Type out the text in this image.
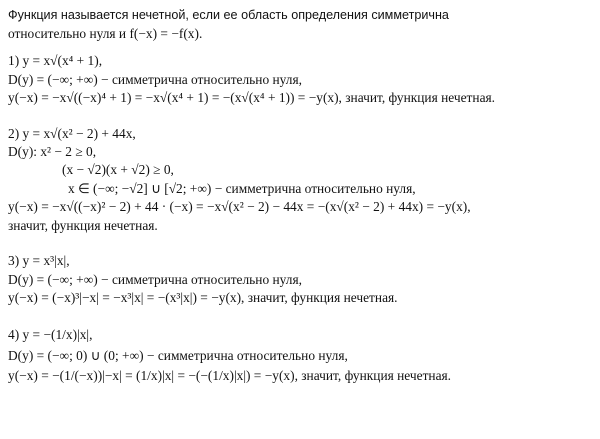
Функция называется нечетной, если ее область определения симметрична

относительно нуля и f(−x) = −f(x).

1) y = x√(x⁴ + 1),
D(y) = (−∞; +∞) − симметрична относительно нуля,
y(−x) = −x√((−x)⁴ + 1) = −x√(x⁴ + 1) = −(x√(x⁴ + 1)) = −y(x), значит, функция нечетная.
2) y = x√(x² − 2) + 44x,
D(y): x² − 2 ≥ 0,
(x − √2)(x + √2) ≥ 0,
x ∈ (−∞; −√2] ∪ [√2; +∞) − симметрична относительно нуля,
y(−x) = −x√((−x)² − 2) + 44 · (−x) = −x√(x² − 2) − 44x = −(x√(x² − 2) + 44x) = −y(x),
значит, функция нечетная.
3) y = x³|x|,
D(y) = (−∞; +∞) − симметрична относительно нуля,
y(−x) = (−x)³|−x| = −x³|x| = −(x³|x|) = −y(x), значит, функция нечетная.
4) y = −(1/x)|x|,
D(y) = (−∞; 0) ∪ (0; +∞) − симметрична относительно нуля,
y(−x) = −(1/(−x))|−x| = (1/x)|x| = −(−(1/x)|x|) = −y(x), значит, функция нечетная.
